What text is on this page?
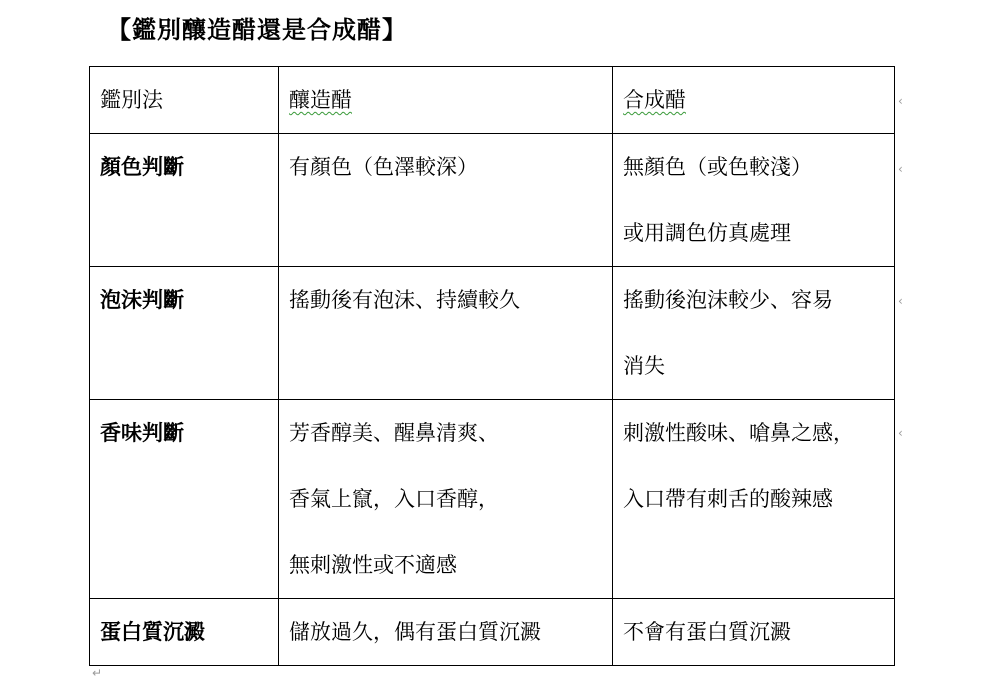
【鑑別釀造醋還是合成醋】
鑑別法	釀造醋	合成醋

顏色判斷	有顏色（色澤較深）	無顏色（或色較淺）
或用調色仿真處理

泡沫判斷	搖動後有泡沫、持續較久	搖動後泡沫較少、容易
消失

香味判斷	芳香醇美、醒鼻清爽、
香氣上竄，入口香醇，
無刺激性或不適感	刺激性酸味、嗆鼻之感，
入口帶有刺舌的酸辣感

蛋白質沉澱	儲放過久，偶有蛋白質沉澱	不會有蛋白質沉澱
↵
‹
‹
‹
‹
